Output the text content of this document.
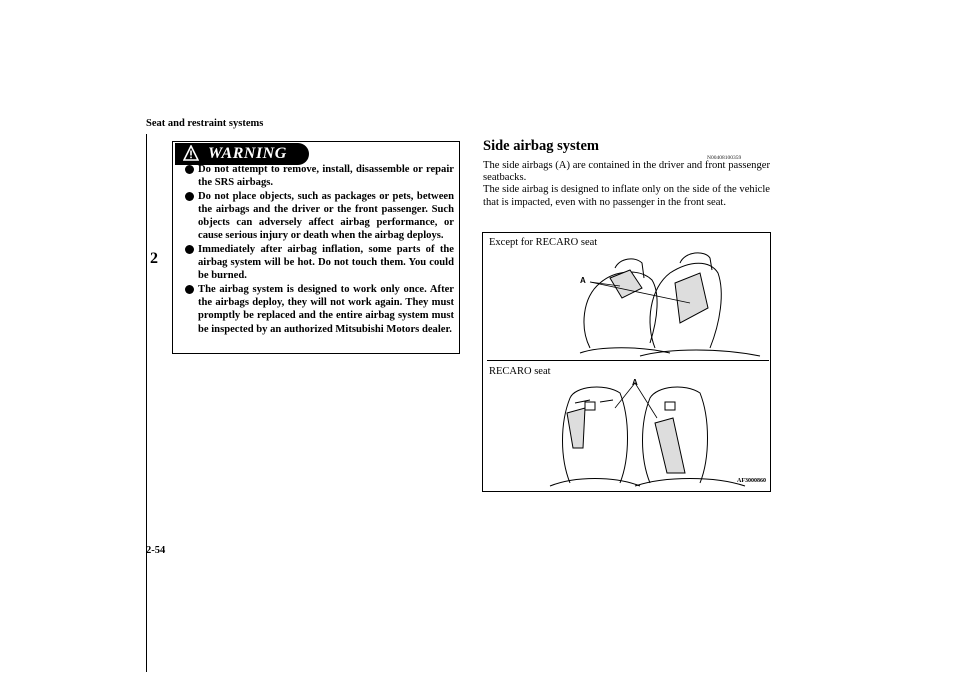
Seat and restraint systems
2
WARNING
Do not attempt to remove, install, disassemble or repair the SRS airbags.
Do not place objects, such as packages or pets, between the airbags and the driver or the front passenger. Such objects can adversely affect airbag performance, or cause serious injury or death when the airbag deploys.
Immediately after airbag inflation, some parts of the airbag system will be hot. Do not touch them. You could be burned.
The airbag system is designed to work only once. After the airbags deploy, they will not work again. They must promptly be replaced and the entire airbag system must be inspected by an authorized Mitsubishi Motors dealer.
Side airbag system
N00408100359

The side airbags (A) are contained in the driver and front passenger seatbacks.

The side airbag is designed to inflate only on the side of the vehicle that is impacted, even with no passenger in the front seat.

Except for RECARO seat
RECARO seat
A
A
AF3000860
2-54
